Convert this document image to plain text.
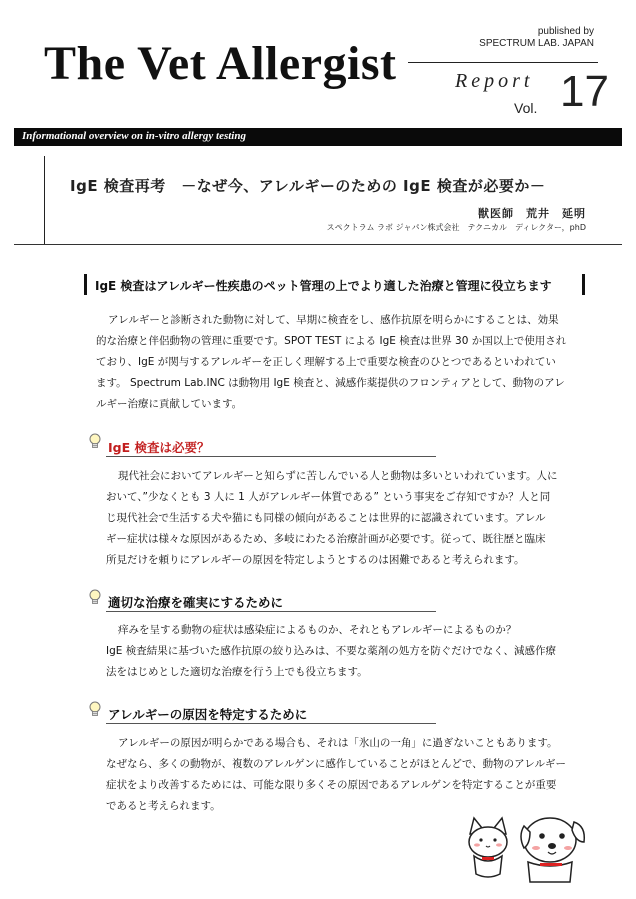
The Vet Allergist
published by
SPECTRUM LAB. JAPAN
Report
Vol. 17
Informational overview on in-vitro allergy testing
IgE 検査再考　－なぜ今、アレルギーのための IgE 検査が必要か－
獣医師　荒井　延明
スペクトラム ラボ ジャパン株式会社　テクニカル　ディレクター，phD
IgE 検査はアレルギー性疾患のペット管理の上でより適した治療と管理に役立ちます
アレルギーと診断された動物に対して、早期に検査をし、感作抗原を明らかにすることは、効果
的な治療と伴侶動物の管理に重要です。SPOT TEST による IgE 検査は世界 30 か国以上で使用され
ており、IgE が関与するアレルギーを正しく理解する上で重要な検査のひとつであるといわれてい
ます。 Spectrum Lab.INC は動物用 IgE 検査と、減感作薬提供のフロンティアとして、動物のアレ
ルギー治療に貢献しています。
IgE 検査は必要？
現代社会においてアレルギーと知らずに苦しんでいる人と動物は多いといわれています。人に
おいて、”少なくとも 3 人に 1 人がアレルギー体質である” という事実をご存知ですか？人と同
じ現代社会で生活する犬や猫にも同様の傾向があることは世界的に認識されています。アレル
ギー症状は様々な原因があるため、多岐にわたる治療計画が必要です。従って、既往歴と臨床
所見だけを頼りにアレルギーの原因を特定しようとするのは困難であると考えられます。
適切な治療を確実にするために
痒みを呈する動物の症状は感染症によるものか、それともアレルギーによるものか？
IgE 検査結果に基づいた感作抗原の絞り込みは、不要な薬剤の処方を防ぐだけでなく、減感作療
法をはじめとした適切な治療を行う上でも役立ちます。
アレルギーの原因を特定するために
アレルギーの原因が明らかである場合も、それは「氷山の一角」に過ぎないこともあります。
なぜなら、多くの動物が、複数のアレルゲンに感作していることがほとんどで、動物のアレルギー
症状をより改善するためには、可能な限り多くその原因であるアレルゲンを特定することが重要
であると考えられます。
